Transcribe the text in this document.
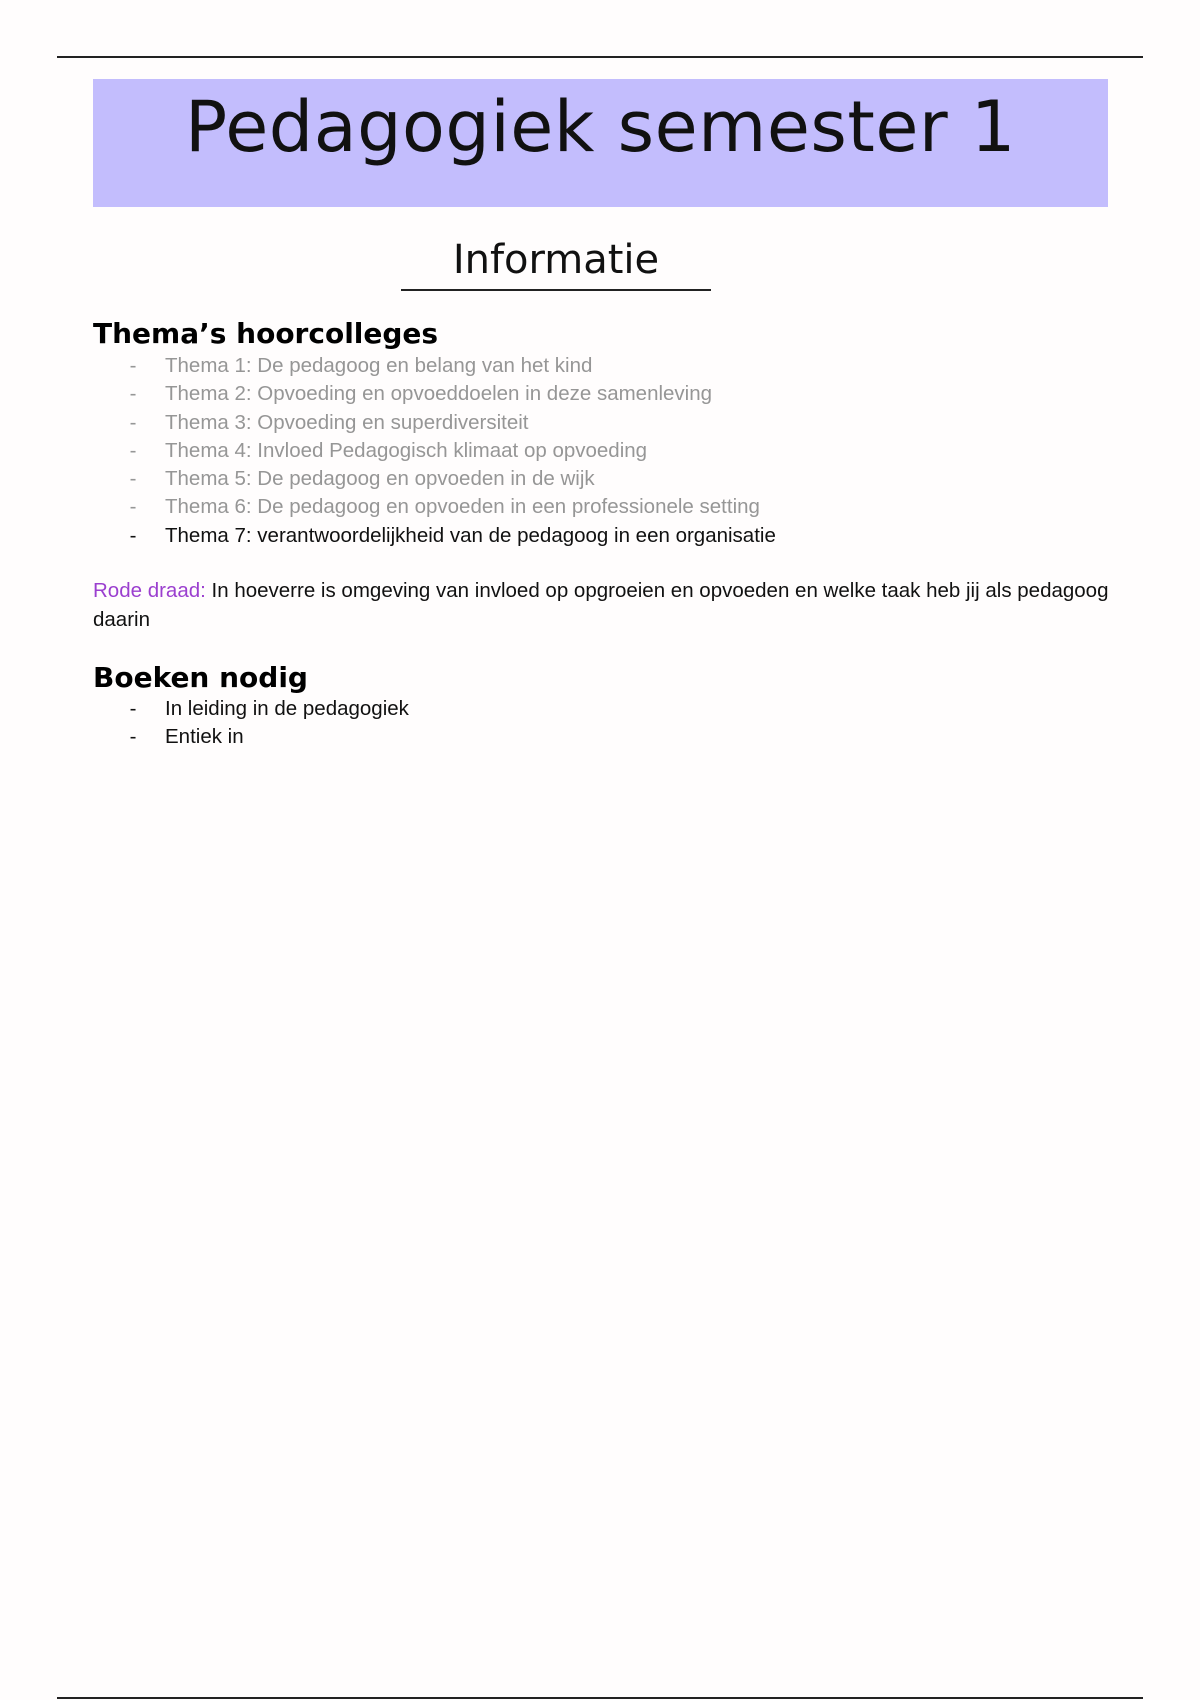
Pedagogiek semester 1
Informatie
Thema’s hoorcolleges
- Thema 1: De pedagoog en belang van het kind
- Thema 2: Opvoeding en opvoeddoelen in deze samenleving
- Thema 3: Opvoeding en superdiversiteit
- Thema 4: Invloed Pedagogisch klimaat op opvoeding
- Thema 5: De pedagoog en opvoeden in de wijk
- Thema 6: De pedagoog en opvoeden in een professionele setting
- Thema 7: verantwoordelijkheid van de pedagoog in een organisatie

Rode draad: In hoeverre is omgeving van invloed op opgroeien en opvoeden en welke taak heb jij als pedagoog daarin

Boeken nodig
- In leiding in de pedagogiek
- Entiek in
